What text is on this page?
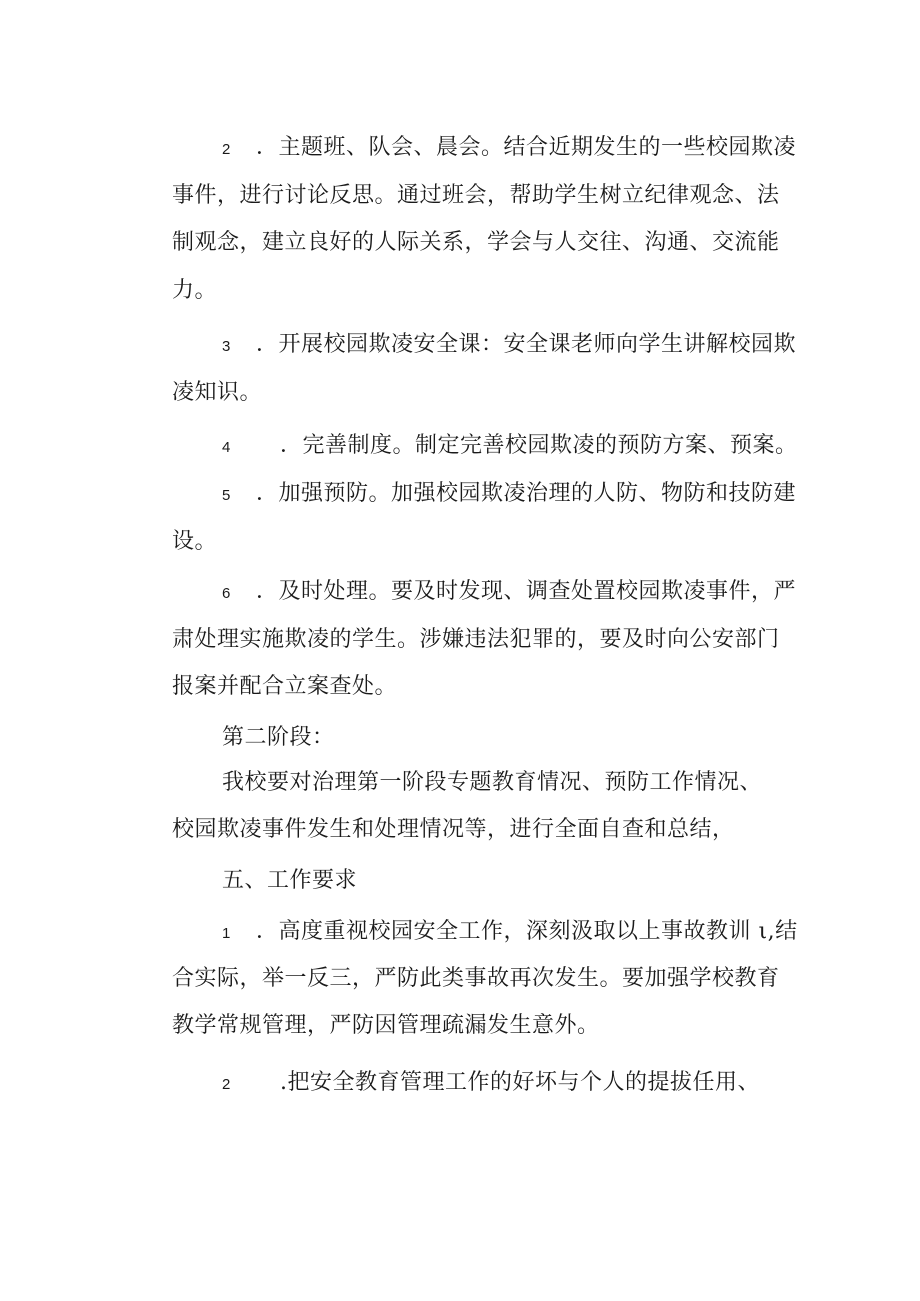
2 ．主题班、队会、晨会。结合近期发生的一些校园欺凌
事件，进行讨论反思。通过班会，帮助学生树立纪律观念、法
制观念，建立良好的人际关系，学会与人交往、沟通、交流能
力。
3 ．开展校园欺凌安全课：安全课老师向学生讲解校园欺
凌知识。
4 ．完善制度。制定完善校园欺凌的预防方案、预案。
5 ．加强预防。加强校园欺凌治理的人防、物防和技防建
设。
6 ．及时处理。要及时发现、调查处置校园欺凌事件，严
肃处理实施欺凌的学生。涉嫌违法犯罪的，要及时向公安部门
报案并配合立案查处。
第二阶段：
我校要对治理第一阶段专题教育情况、预防工作情况、
校园欺凌事件发生和处理情况等，进行全面自查和总结，
五、工作要求
1 ．高度重视校园安全工作，深刻汲取以上事故教训 ι,结
合实际，举一反三，严防此类事故再次发生。要加强学校教育
教学常规管理，严防因管理疏漏发生意外。
2 .把安全教育管理工作的好坏与个人的提拔任用、
